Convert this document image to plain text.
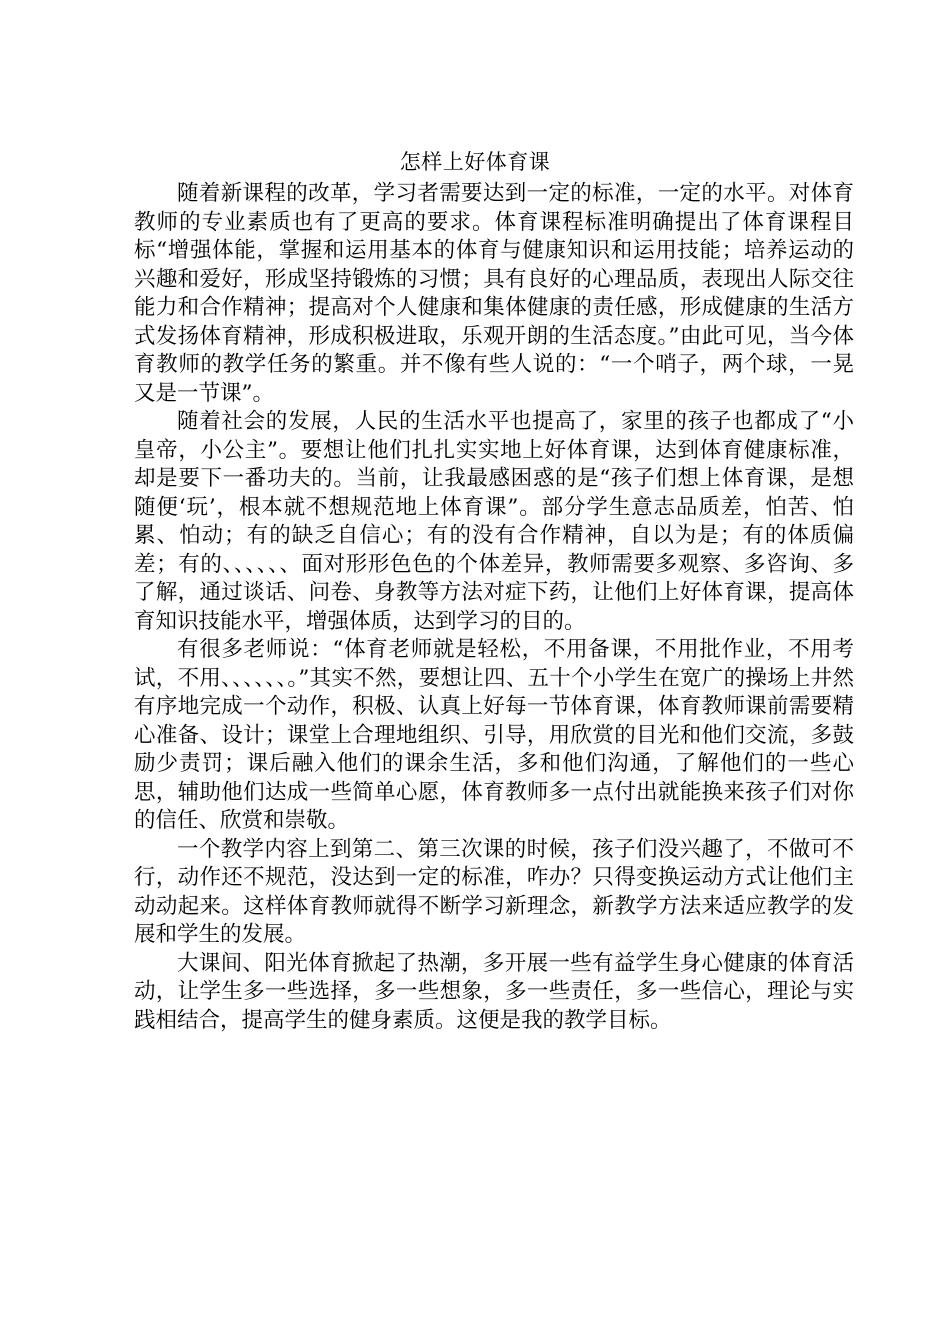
怎样上好体育课

随着新课程的改革，学习者需要达到一定的标准，一定的水平。对体育教师的专业素质也有了更高的要求。体育课程标准明确提出了体育课程目标“增强体能，掌握和运用基本的体育与健康知识和运用技能；培养运动的兴趣和爱好，形成坚持锻炼的习惯；具有良好的心理品质，表现出人际交往能力和合作精神；提高对个人健康和集体健康的责任感，形成健康的生活方式发扬体育精神，形成积极进取，乐观开朗的生活态度。”由此可见，当今体育教师的教学任务的繁重。并不像有些人说的：“一个哨子，两个球，一晃又是一节课”。

随着社会的发展，人民的生活水平也提高了，家里的孩子也都成了“小皇帝，小公主”。要想让他们扎扎实实地上好体育课，达到体育健康标准，却是要下一番功夫的。当前，让我最感困惑的是“孩子们想上体育课，是想随便‘玩’，根本就不想规范地上体育课”。部分学生意志品质差，怕苦、怕累、怕动；有的缺乏自信心；有的没有合作精神，自以为是；有的体质偏差；有的、、、、、、面对形形色色的个体差异，教师需要多观察、多咨询、多了解，通过谈话、问卷、身教等方法对症下药，让他们上好体育课，提高体育知识技能水平，增强体质，达到学习的目的。

有很多老师说：“体育老师就是轻松，不用备课，不用批作业，不用考试，不用、、、、、、。”其实不然，要想让四、五十个小学生在宽广的操场上井然有序地完成一个动作，积极、认真上好每一节体育课，体育教师课前需要精心准备、设计；课堂上合理地组织、引导，用欣赏的目光和他们交流，多鼓励少责罚；课后融入他们的课余生活，多和他们沟通，了解他们的一些心思，辅助他们达成一些简单心愿，体育教师多一点付出就能换来孩子们对你的信任、欣赏和崇敬。

一个教学内容上到第二、第三次课的时候，孩子们没兴趣了，不做可不行，动作还不规范，没达到一定的标准，咋办？只得变换运动方式让他们主动动起来。这样体育教师就得不断学习新理念，新教学方法来适应教学的发展和学生的发展。

大课间、阳光体育掀起了热潮，多开展一些有益学生身心健康的体育活动，让学生多一些选择，多一些想象，多一些责任，多一些信心，理论与实践相结合，提高学生的健身素质。这便是我的教学目标。
